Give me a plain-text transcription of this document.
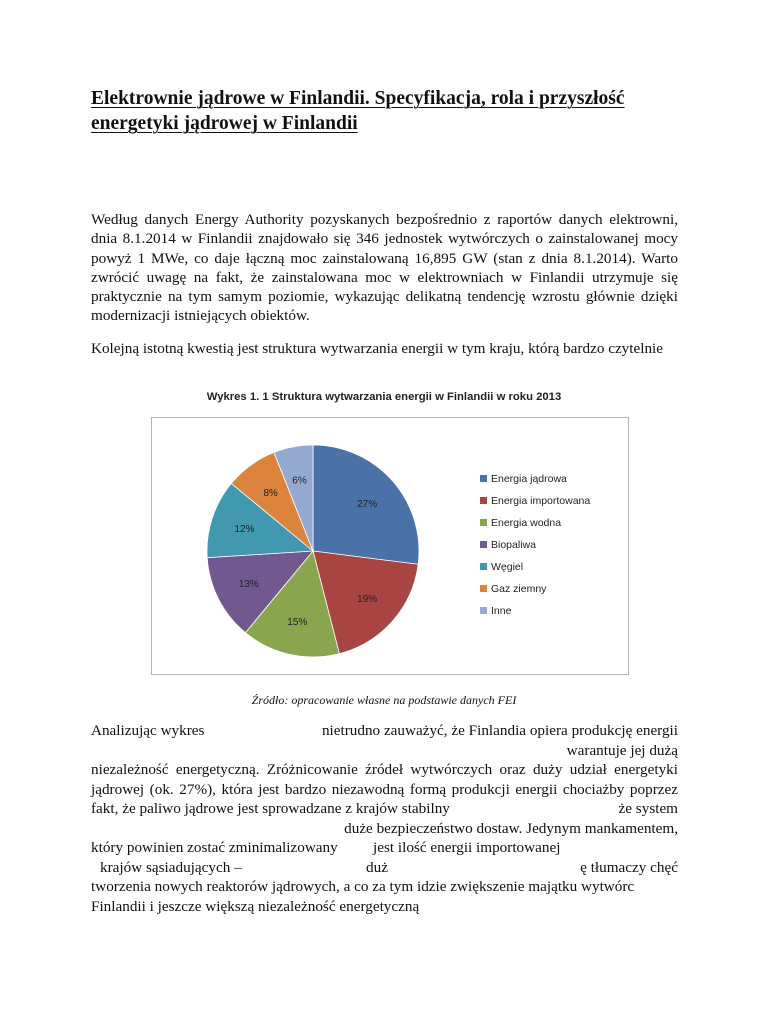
Elektrownie jądrowe w Finlandii. Specyfikacja, rola i przyszłość energetyki jądrowej w Finlandii
Według danych Energy Authority pozyskanych bezpośrednio z raportów danych elektrowni, dnia 8.1.2014 w Finlandii znajdowało się 346 jednostek wytwórczych o zainstalowanej mocy powyż 1 MWe, co daje łączną moc zainstalowaną 16,895 GW (stan z dnia 8.1.2014). Warto zwrócić uwagę na fakt, że zainstalowana moc w elektrowniach w Finlandii utrzymuje się praktycznie na tym samym poziomie, wykazując delikatną tendencję wzrostu głównie dzięki modernizacji istniejących obiektów.
Kolejną istotną kwestią jest struktura wytwarzania energii w tym kraju, którą bardzo czytelnie
Wykres 1. 1 Struktura wytwarzania energii w Finlandii w roku 2013
27%
19%
15%
13%
12%
8%
6%	Energia jądrowa
Energia importowana
Energia wodna
Biopaliwa
Węgiel
Gaz ziemny
Inne
Źródło: opracowanie własne na podstawie danych FEI
Analizując wykres	nietrudno zauważyć, że Finlandia opiera produkcję energii
warantuje jej dużą
niezależność energetyczną. Zróżnicowanie źródeł wytwórczych oraz duży udział energetyki
jądrowej (ok. 27%), która jest bardzo niezawodną formą produkcji energii chociażby poprzez
fakt, że paliwo jądrowe jest sprowadzane z krajów stabilny	że system
duże bezpieczeństwo dostaw. Jedynym mankamentem,
który powinien zostać zminimalizowany jest ilość energii importowanej
krajów sąsiadujących –	duż	ę tłumaczy chęć
tworzenia nowych reaktorów jądrowych, a co za tym idzie zwiększenie majątku wytwórc
Finlandii i jeszcze większą niezależność energetyczną
